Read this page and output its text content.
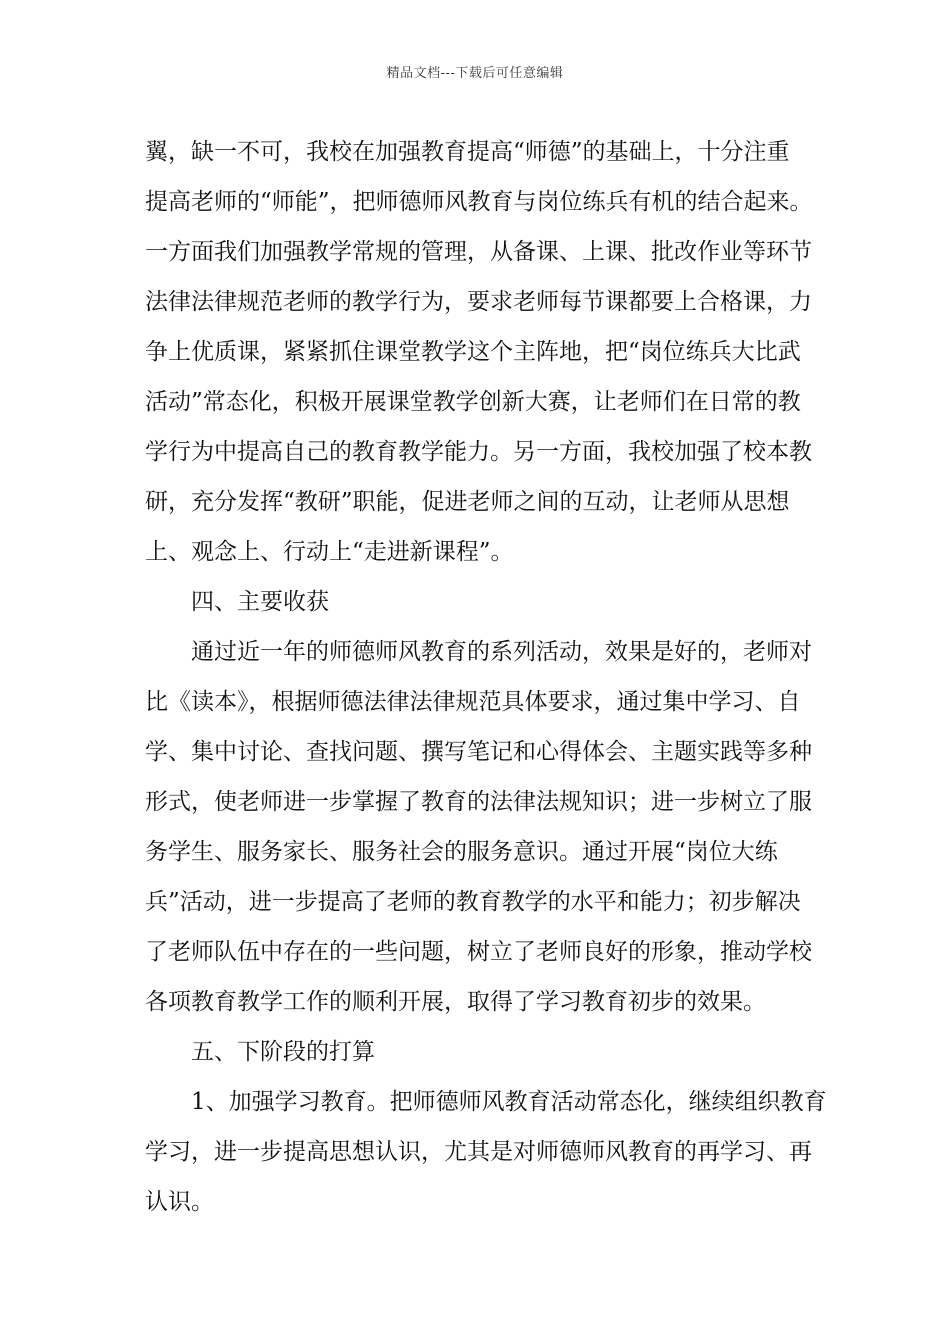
精品文档---下载后可任意编辑
翼，缺一不可，我校在加强教育提高“师德”的基础上，十分注重
提高老师的“师能”，把师德师风教育与岗位练兵有机的结合起来。
一方面我们加强教学常规的管理，从备课、上课、批改作业等环节
法律法律规范老师的教学行为，要求老师每节课都要上合格课，力
争上优质课，紧紧抓住课堂教学这个主阵地，把“岗位练兵大比武
活动”常态化，积极开展课堂教学创新大赛，让老师们在日常的教
学行为中提高自己的教育教学能力。另一方面，我校加强了校本教
研，充分发挥“教研”职能，促进老师之间的互动，让老师从思想
上、观念上、行动上“走进新课程”。
四、主要收获
通过近一年的师德师风教育的系列活动，效果是好的，老师对
比《读本》，根据师德法律法律规范具体要求，通过集中学习、自
学、集中讨论、查找问题、撰写笔记和心得体会、主题实践等多种
形式，使老师进一步掌握了教育的法律法规知识；进一步树立了服
务学生、服务家长、服务社会的服务意识。通过开展“岗位大练
兵”活动，进一步提高了老师的教育教学的水平和能力；初步解决
了老师队伍中存在的一些问题，树立了老师良好的形象，推动学校
各项教育教学工作的顺利开展，取得了学习教育初步的效果。
五、下阶段的打算
1、加强学习教育。把师德师风教育活动常态化，继续组织教育
学习，进一步提高思想认识，尤其是对师德师风教育的再学习、再
认识。
